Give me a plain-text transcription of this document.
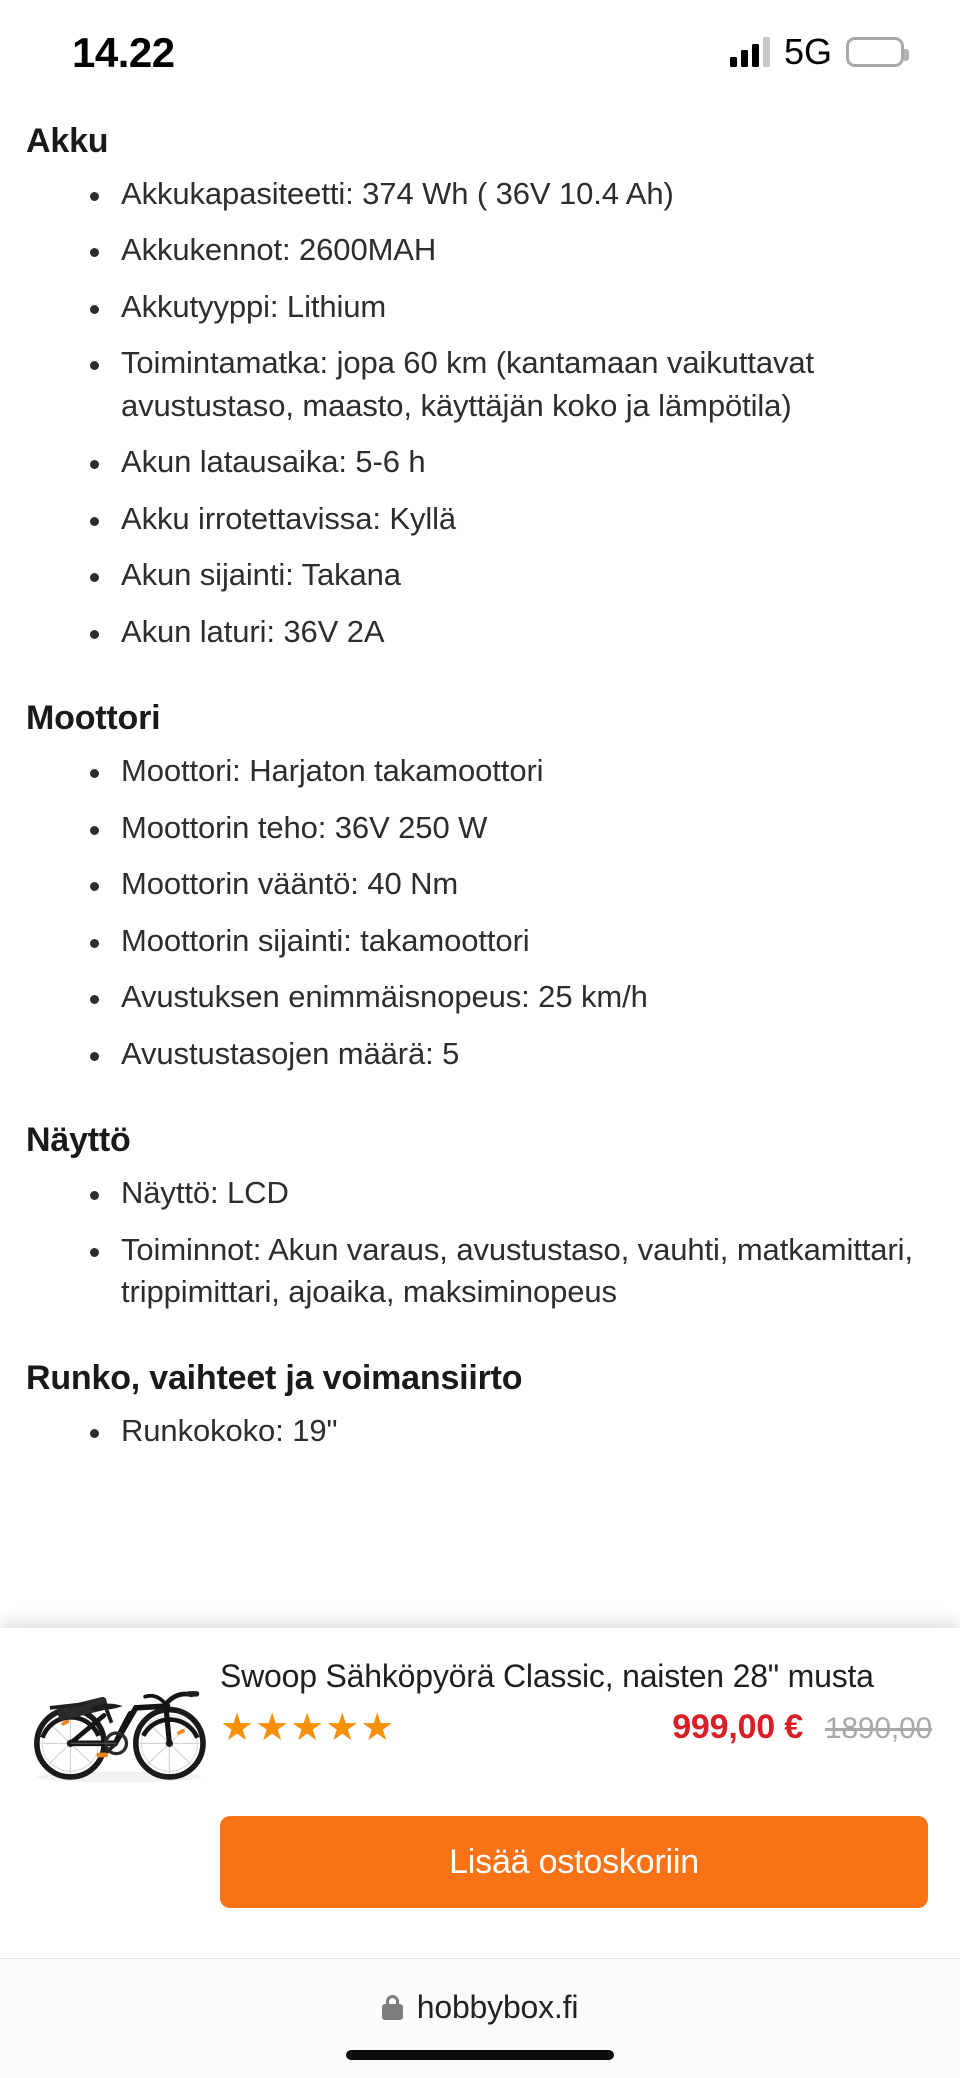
14.22	5G
Akku
Akkukapasiteetti: 374 Wh ( 36V 10.4 Ah)
Akkukennot: 2600MAH
Akkutyyppi: Lithium
Toimintamatka: jopa 60 km (kantamaan vaikuttavat avustustaso, maasto, käyttäjän koko ja lämpötila)
Akun latausaika: 5-6 h
Akku irrotettavissa: Kyllä
Akun sijainti: Takana
Akun laturi: 36V 2A
Moottori
Moottori: Harjaton takamoottori
Moottorin teho: 36V 250 W
Moottorin vääntö: 40 Nm
Moottorin sijainti: takamoottori
Avustuksen enimmäisnopeus: 25 km/h
Avustustasojen määrä: 5
Näyttö
Näyttö: LCD
Toiminnot: Akun varaus, avustustaso, vauhti, matkamittari, trippimittari, ajoaika, maksiminopeus
Runko, vaihteet ja voimansiirto
Runkokoko: 19"
Swoop Sähköpyörä Classic, naisten 28" musta
★★★★★	999,00 € 1890,00
Lisää ostoskoriin
hobbybox.fi
